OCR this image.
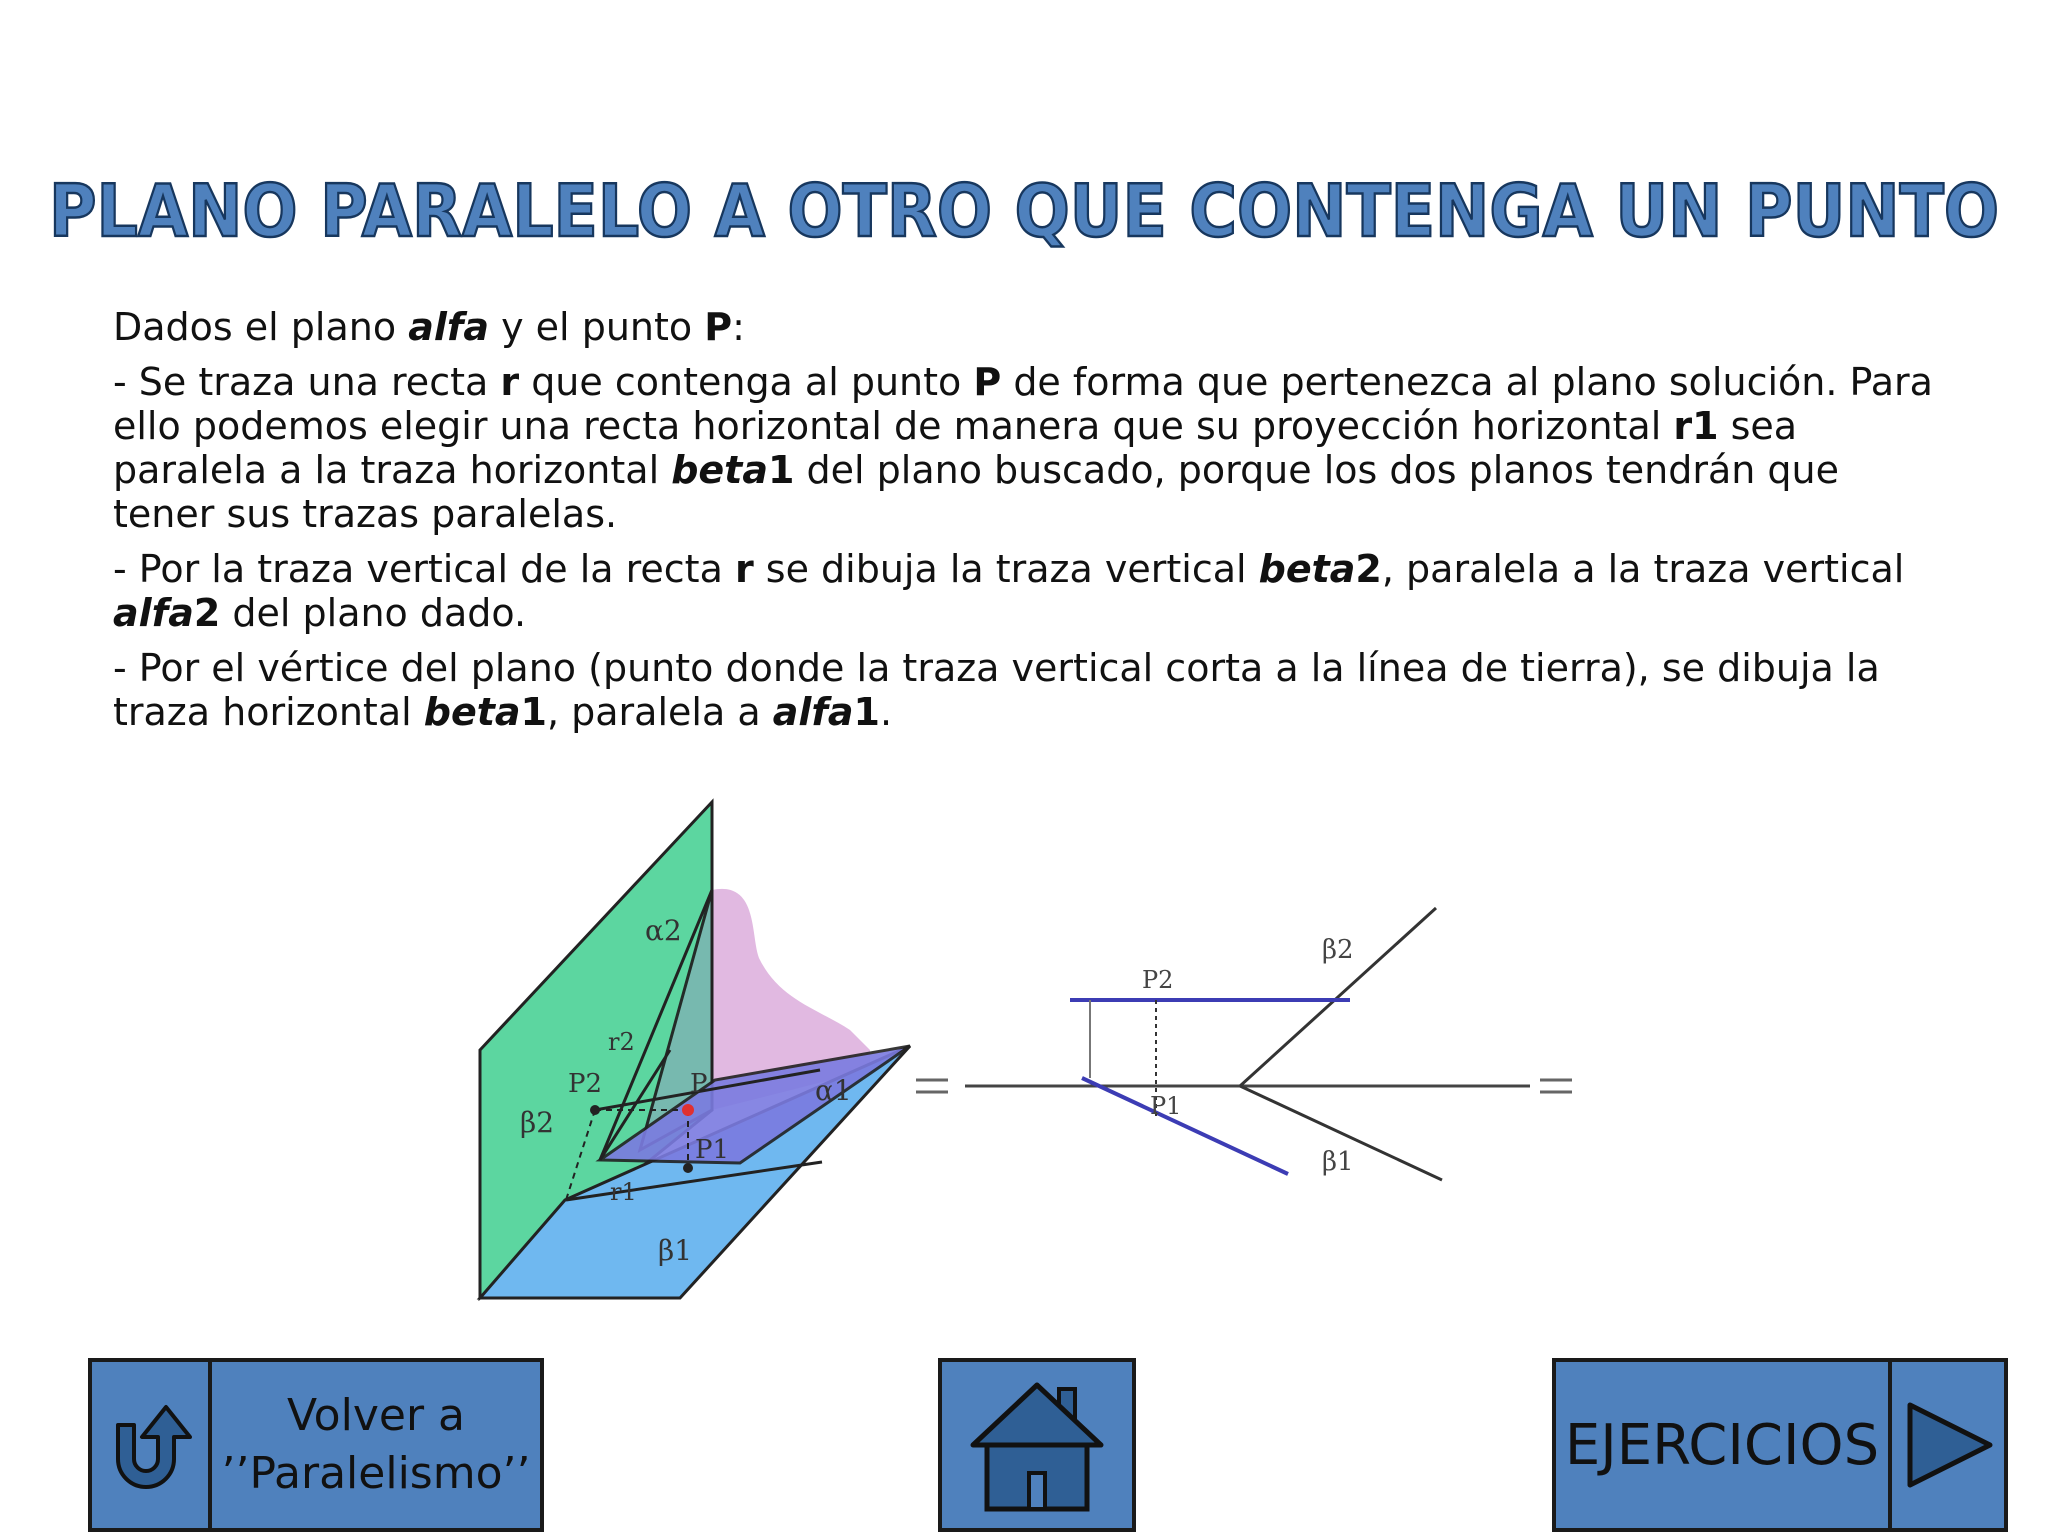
PLANO PARALELO A OTRO QUE CONTENGA UN PUNTO

Dados el plano alfa y el punto P:

- Se traza una recta r que contenga al punto P de forma que pertenezca al plano solución. Para ello podemos elegir una recta horizontal de manera que su proyección horizontal r1 sea paralela a la traza horizontal beta1 del plano buscado, porque los dos planos tendrán que tener sus trazas paralelas.

- Por la traza vertical de la recta r se dibuja la traza vertical beta2, paralela a la traza vertical alfa2 del plano dado.

- Por el vértice del plano (punto donde la traza vertical corta a la línea de tierra), se dibuja la traza horizontal beta1, paralela a alfa1.

α2
r2
P2	P	α1
β2
P1
r1
β1
β2
P2
P1
β1
Volver a
’’Paralelismo’’	EJERCICIOS
